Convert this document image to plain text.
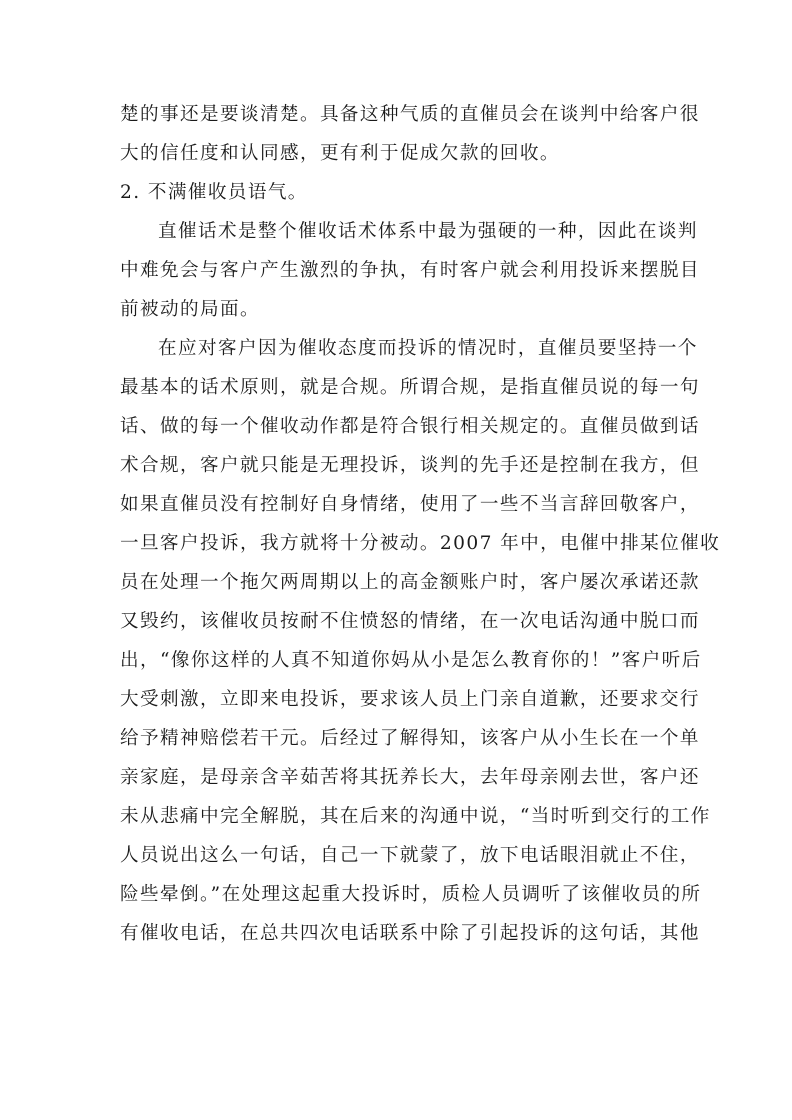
楚的事还是要谈清楚。具备这种气质的直催员会在谈判中给客户很
大的信任度和认同感，更有利于促成欠款的回收。
2. 不满催收员语气。
直催话术是整个催收话术体系中最为强硬的一种，因此在谈判
中难免会与客户产生激烈的争执，有时客户就会利用投诉来摆脱目
前被动的局面。
在应对客户因为催收态度而投诉的情况时，直催员要坚持一个
最基本的话术原则，就是合规。所谓合规，是指直催员说的每一句
话、做的每一个催收动作都是符合银行相关规定的。直催员做到话
术合规，客户就只能是无理投诉，谈判的先手还是控制在我方，但
如果直催员没有控制好自身情绪，使用了一些不当言辞回敬客户，
一旦客户投诉，我方就将十分被动。2007 年中，电催中排某位催收
员在处理一个拖欠两周期以上的高金额账户时，客户屡次承诺还款
又毁约，该催收员按耐不住愤怒的情绪，在一次电话沟通中脱口而
出，“像你这样的人真不知道你妈从小是怎么教育你的！”客户听后
大受刺激，立即来电投诉，要求该人员上门亲自道歉，还要求交行
给予精神赔偿若干元。后经过了解得知，该客户从小生长在一个单
亲家庭，是母亲含辛茹苦将其抚养长大，去年母亲刚去世，客户还
未从悲痛中完全解脱，其在后来的沟通中说，“当时听到交行的工作
人员说出这么一句话，自己一下就蒙了，放下电话眼泪就止不住，
险些晕倒。”在处理这起重大投诉时，质检人员调听了该催收员的所
有催收电话，在总共四次电话联系中除了引起投诉的这句话，其他
